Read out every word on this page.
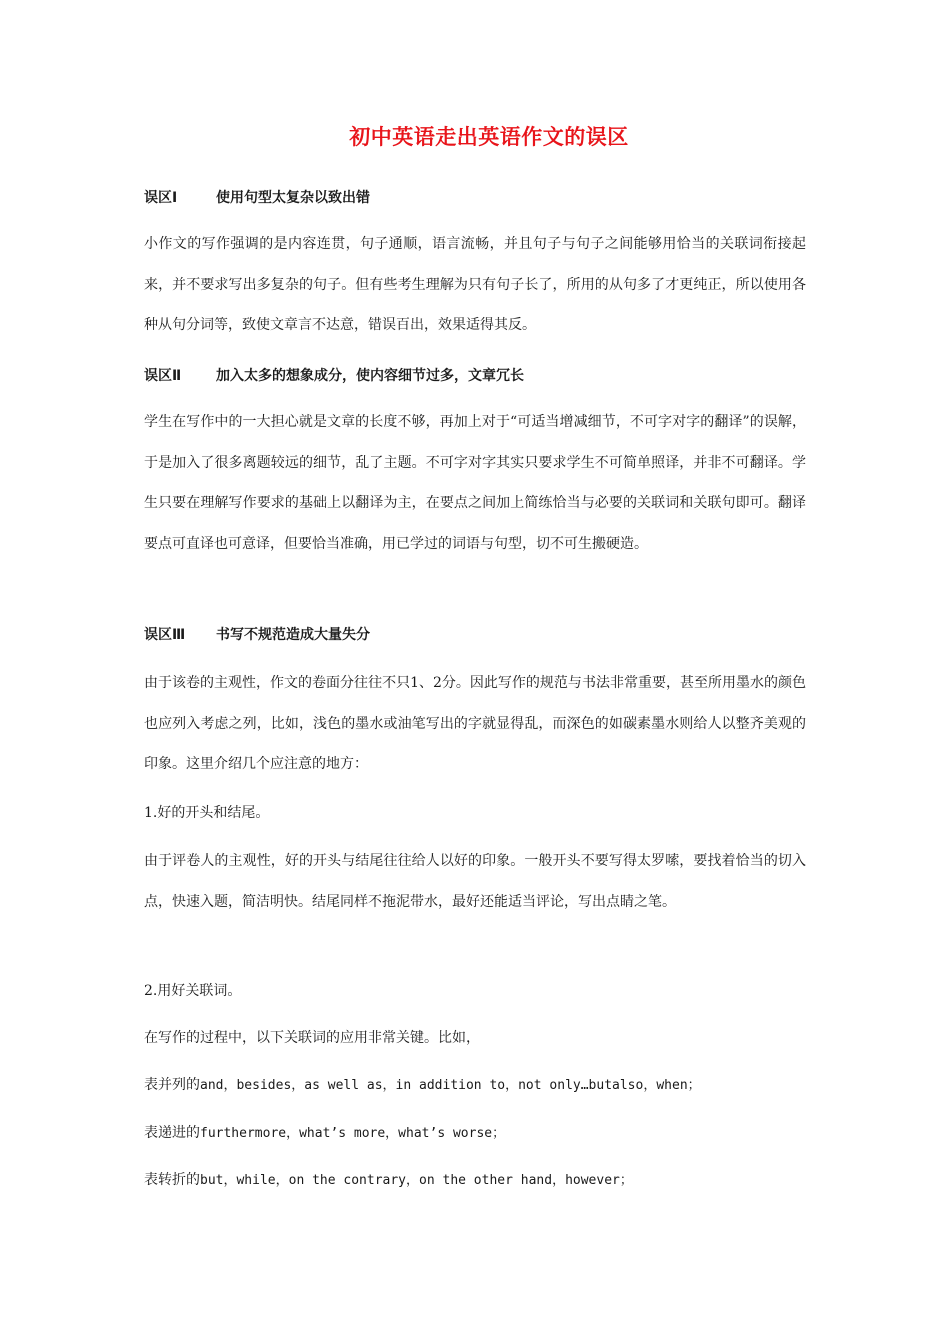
初中英语走出英语作文的误区
误区Ⅰ	使用句型太复杂以致出错
小作文的写作强调的是内容连贯，句子通顺，语言流畅，并且句子与句子之间能够用恰当的关联词衔接起来，并不要求写出多复杂的句子。但有些考生理解为只有句子长了，所用的从句多了才更纯正，所以使用各种从句分词等，致使文章言不达意，错误百出，效果适得其反。
误区Ⅱ 加入太多的想象成分，使内容细节过多，文章冗长
学生在写作中的一大担心就是文章的长度不够，再加上对于“可适当增减细节，不可字对字的翻译”的误解，于是加入了很多离题较远的细节，乱了主题。不可字对字其实只要求学生不可简单照译，并非不可翻译。学生只要在理解写作要求的基础上以翻译为主，在要点之间加上简练恰当与必要的关联词和关联句即可。翻译要点可直译也可意译，但要恰当准确，用已学过的词语与句型，切不可生搬硬造。
误区Ⅲ 书写不规范造成大量失分
由于该卷的主观性，作文的卷面分往往不只1、2分。因此写作的规范与书法非常重要，甚至所用墨水的颜色也应列入考虑之列，比如，浅色的墨水或油笔写出的字就显得乱，而深色的如碳素墨水则给人以整齐美观的印象。这里介绍几个应注意的地方：
1.好的开头和结尾。
由于评卷人的主观性，好的开头与结尾往往给人以好的印象。一般开头不要写得太罗嗦，要找着恰当的切入点，快速入题，简洁明快。结尾同样不拖泥带水，最好还能适当评论，写出点睛之笔。
2.用好关联词。
在写作的过程中，以下关联词的应用非常关键。比如，
表并列的and，besides，as well as，in addition to，not only…butalso，when；
表递进的furthermore，what’s more，what’s worse；
表转折的but，while，on the contrary，on the other hand，however；
